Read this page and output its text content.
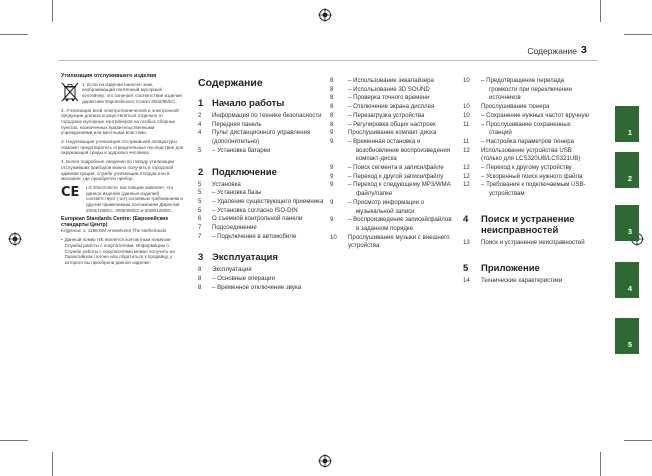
Содержание 3
Утилизация отслужившего изделия

1. Если на изделии нанесен знак, изображающий понтенный мусорный контейнер, это означает соответствие изделия директиве Европейского Союза 2002/96/EC.

2. Утилизация всей электротехнической и электронной продукции должна осуществляться отдельно от городских мусорных контейнеров на особых сборных пунктах, назначенных правительственными учреждениями или местными властями.

3. Надлежащая утилизация отслужившей аппаратуры поможет предотвратить отрицательные последствия для окружающей среды и здоровья человека.

4. Более подробные сведения по поводу утилизации отслуживших приборов можно получить в городской администрации, службе утилизации отходов или в магазине, где приобретен прибор.

CE	LG Electronics» настоящим заявляет, что данное изделие (данные изделия) соответствует (-ют) основным требованиям и другим применимым положениям Директив 2004/108/EC, 2006/95/EC и 2009/125/EC.

European Standards Centre: (Европейские стандарты Центр)

Krijgsman 1, 1186 DM Amstelveen The Netherlands

• Данный номер НЕ является контактным номером Службы работы с покупателями. Информацию о Службе работы с покупателями можно получить на Гарантийном талоне или обратиться к продавцу, у которого вы приобрели данное изделие.

Содержание
1 Начало работы
2	Информация по технике безопасности
4	Передняя панель
4	Пульт дистанционного управления (дополнительно)
5	– Установка батареи
2 Подключение
5	Установка
5	– Установка базы
5	– Удаление существующего приемника
5	– Установка согласно ISO-DIN
6	О съемной контрольной панели
7	Подсоединение
7	– Подключение в автомобиле
3 Эксплуатация
8	Эксплуатация
8	– Основные операции
8	– Временное отключение звука
8	– Использование эквалайзера
8	– Использование 3D SOUND
8	– Проверка точного времени
8	– Отключение экрана дисплея
8	– Перезагрузка устройства
8	– Регулировка общих настроек
9	Прослушивание компакт-диска
9	– Временная остановка и возобновление воспроизведения компакт-диска
9	– Поиск сегмента в записи/файле
9	– Переход к другой записи/файлу
9	– Переход к следующему MP3/WMA файлу/папке
9	– Просмотр информации о музыкальной записи
9	– Воспроизведение записей/файлов в заданном порядке
10	Прослушивание музыки с внешнего устройства
10	– Предотвращение перепада громкости при переключении источников
10	Прослушивание тюнера
10	– Сохранение нужных частот вручную
11	– Прослушивание сохраненных станций
11	– Настройка параметров тюнера
12	Использование устройства USB (только для LCS320UB/LCS321UB)
12	– Переход к другому устройству
12	– Ускоренный поиск нужного файла
12	– Требования к подключаемым USB-устройствам
4	Поиск и устранение неисправностей
13	Поиск и устранение неисправностей
5	Приложение
14	Технические характеристики
1
2
3
4
5
